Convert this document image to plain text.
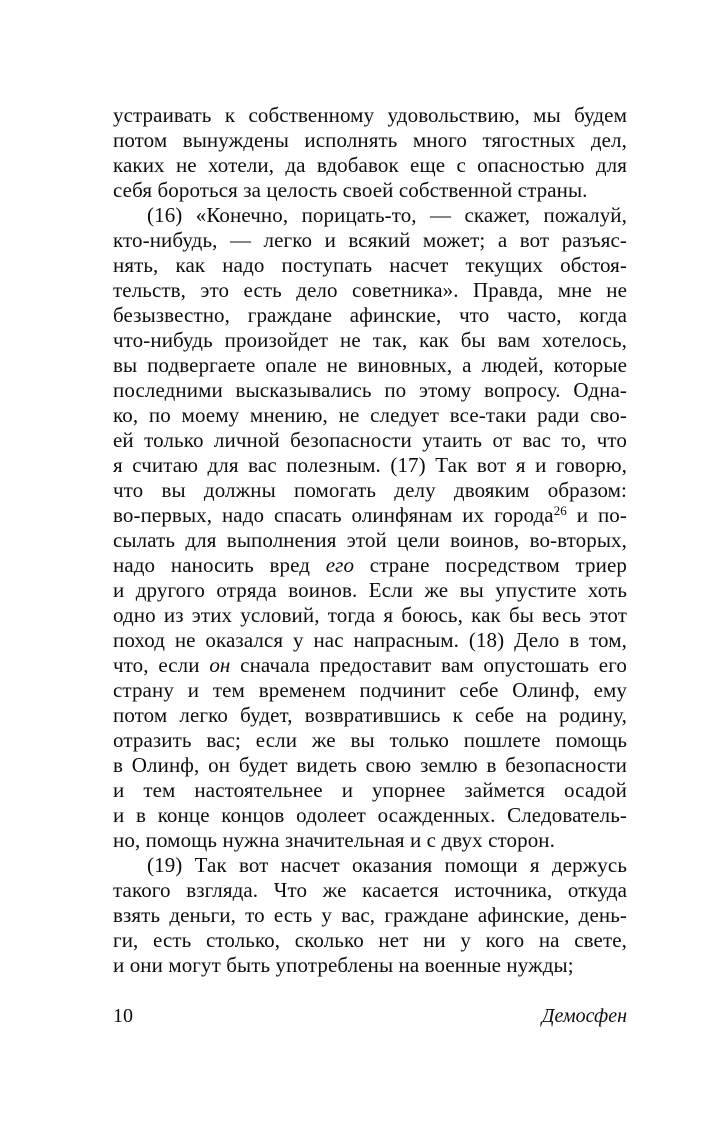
устраивать к собственному удовольствию, мы будем
потом вынуждены исполнять много тягостных дел,
каких не хотели, да вдобавок еще с опасностью для
себя бороться за целость своей собственной страны.
(16) «Конечно, порицать-то, — скажет, пожалуй,
кто-нибудь, — легко и всякий может; а вот разъяс-
нять, как надо поступать насчет текущих обстоя-
тельств, это есть дело советника». Правда, мне не
безызвестно, граждане афинские, что часто, когда
что-нибудь произойдет не так, как бы вам хотелось,
вы подвергаете опале не виновных, а людей, которые
последними высказывались по этому вопросу. Одна-
ко, по моему мнению, не следует все-таки ради сво-
ей только личной безопасности утаить от вас то, что
я считаю для вас полезным. (17) Так вот я и говорю,
что вы должны помогать делу двояким образом:
во-первых, надо спасать олинфянам их города$^{26}$ и по-
сылать для выполнения этой цели воинов, во-вторых,
надо наносить вред его стране посредством триер
и другого отряда воинов. Если же вы упустите хоть
одно из этих условий, тогда я боюсь, как бы весь этот
поход не оказался у нас напрасным. (18) Дело в том,
что, если он сначала предоставит вам опустошать его
страну и тем временем подчинит себе Олинф, ему
потом легко будет, возвратившись к себе на родину,
отразить вас; если же вы только пошлете помощь
в Олинф, он будет видеть свою землю в безопасности
и тем настоятельнее и упорнее займется осадой
и в конце концов одолеет осажденных. Следователь-
но, помощь нужна значительная и с двух сторон.
(19) Так вот насчет оказания помощи я держусь
такого взгляда. Что же касается источника, откуда
взять деньги, то есть у вас, граждане афинские, день-
ги, есть столько, сколько нет ни у кого на свете,
и они могут быть употреблены на военные нужды;
10	Демосфен
